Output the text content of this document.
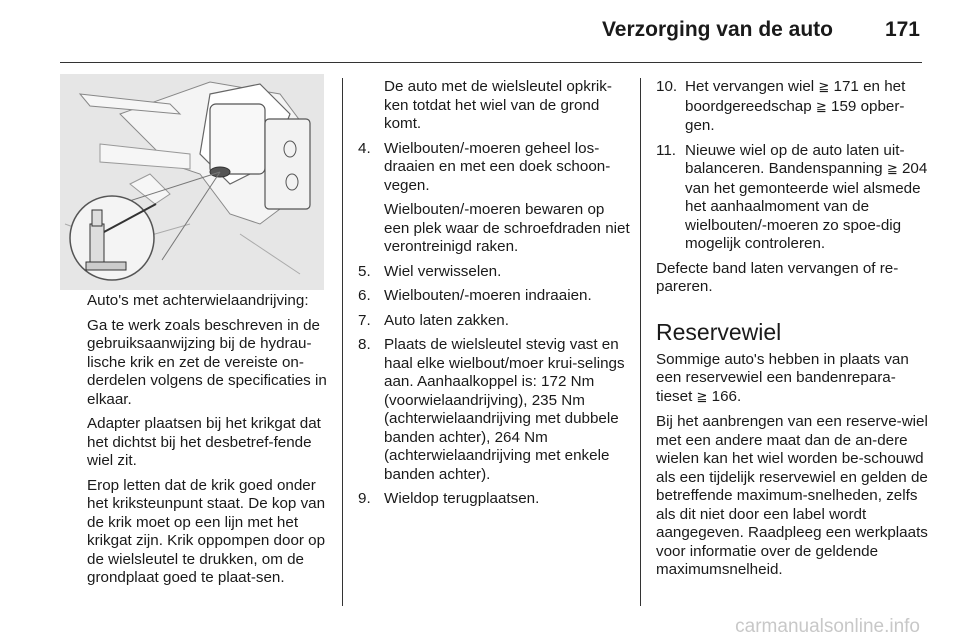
Verzorging van de auto 171

Auto's met achterwielaandrijving:

Ga te werk zoals beschreven in de gebruiksaanwijzing bij de hydrau-lische krik en zet de vereiste on-derdelen volgens de specificaties in elkaar.

Adapter plaatsen bij het krikgat dat het dichtst bij het desbetref-fende wiel zit.

Erop letten dat de krik goed onder het kriksteunpunt staat. De kop van de krik moet op een lijn met het krikgat zijn. Krik oppompen door op de wielsleutel te drukken, om de grondplaat goed te plaat-sen.

De auto met de wielsleutel opkrik-ken totdat het wiel van de grond komt.

4. Wielbouten/-moeren geheel los-draaien en met een doek schoon-vegen.

Wielbouten/-moeren bewaren op een plek waar de schroefdraden niet verontreinigd raken.

5. Wiel verwisselen.
6. Wielbouten/-moeren indraaien.
7. Auto laten zakken.
8. Plaats de wielsleutel stevig vast en haal elke wielbout/moer krui-selings aan. Aanhaalkoppel is: 172 Nm (voorwielaandrijving), 235 Nm (achterwielaandrijving met dubbele banden achter), 264 Nm (achterwielaandrijving met enkele banden achter).
9. Wieldop terugplaatsen.
10. Het vervangen wiel ≧ 171 en het boordgereedschap ≧ 159 opber-gen.
11. Nieuwe wiel op de auto laten uit-balanceren. Bandenspanning ≧ 204 van het gemonteerde wiel alsmede het aanhaalmoment van de wielbouten/-moeren zo spoe-dig mogelijk controleren.

Defecte band laten vervangen of re-pareren.

Reservewiel

Sommige auto's hebben in plaats van een reservewiel een bandenrepara-tieset ≧ 166.

Bij het aanbrengen van een reserve-wiel met een andere maat dan de an-dere wielen kan het wiel worden be-schouwd als een tijdelijk reservewiel en gelden de betreffende maximum-snelheden, zelfs als dit niet door een label wordt aangegeven. Raadpleeg een werkplaats voor informatie over de geldende maximumsnelheid.

carmanualsonline.info
